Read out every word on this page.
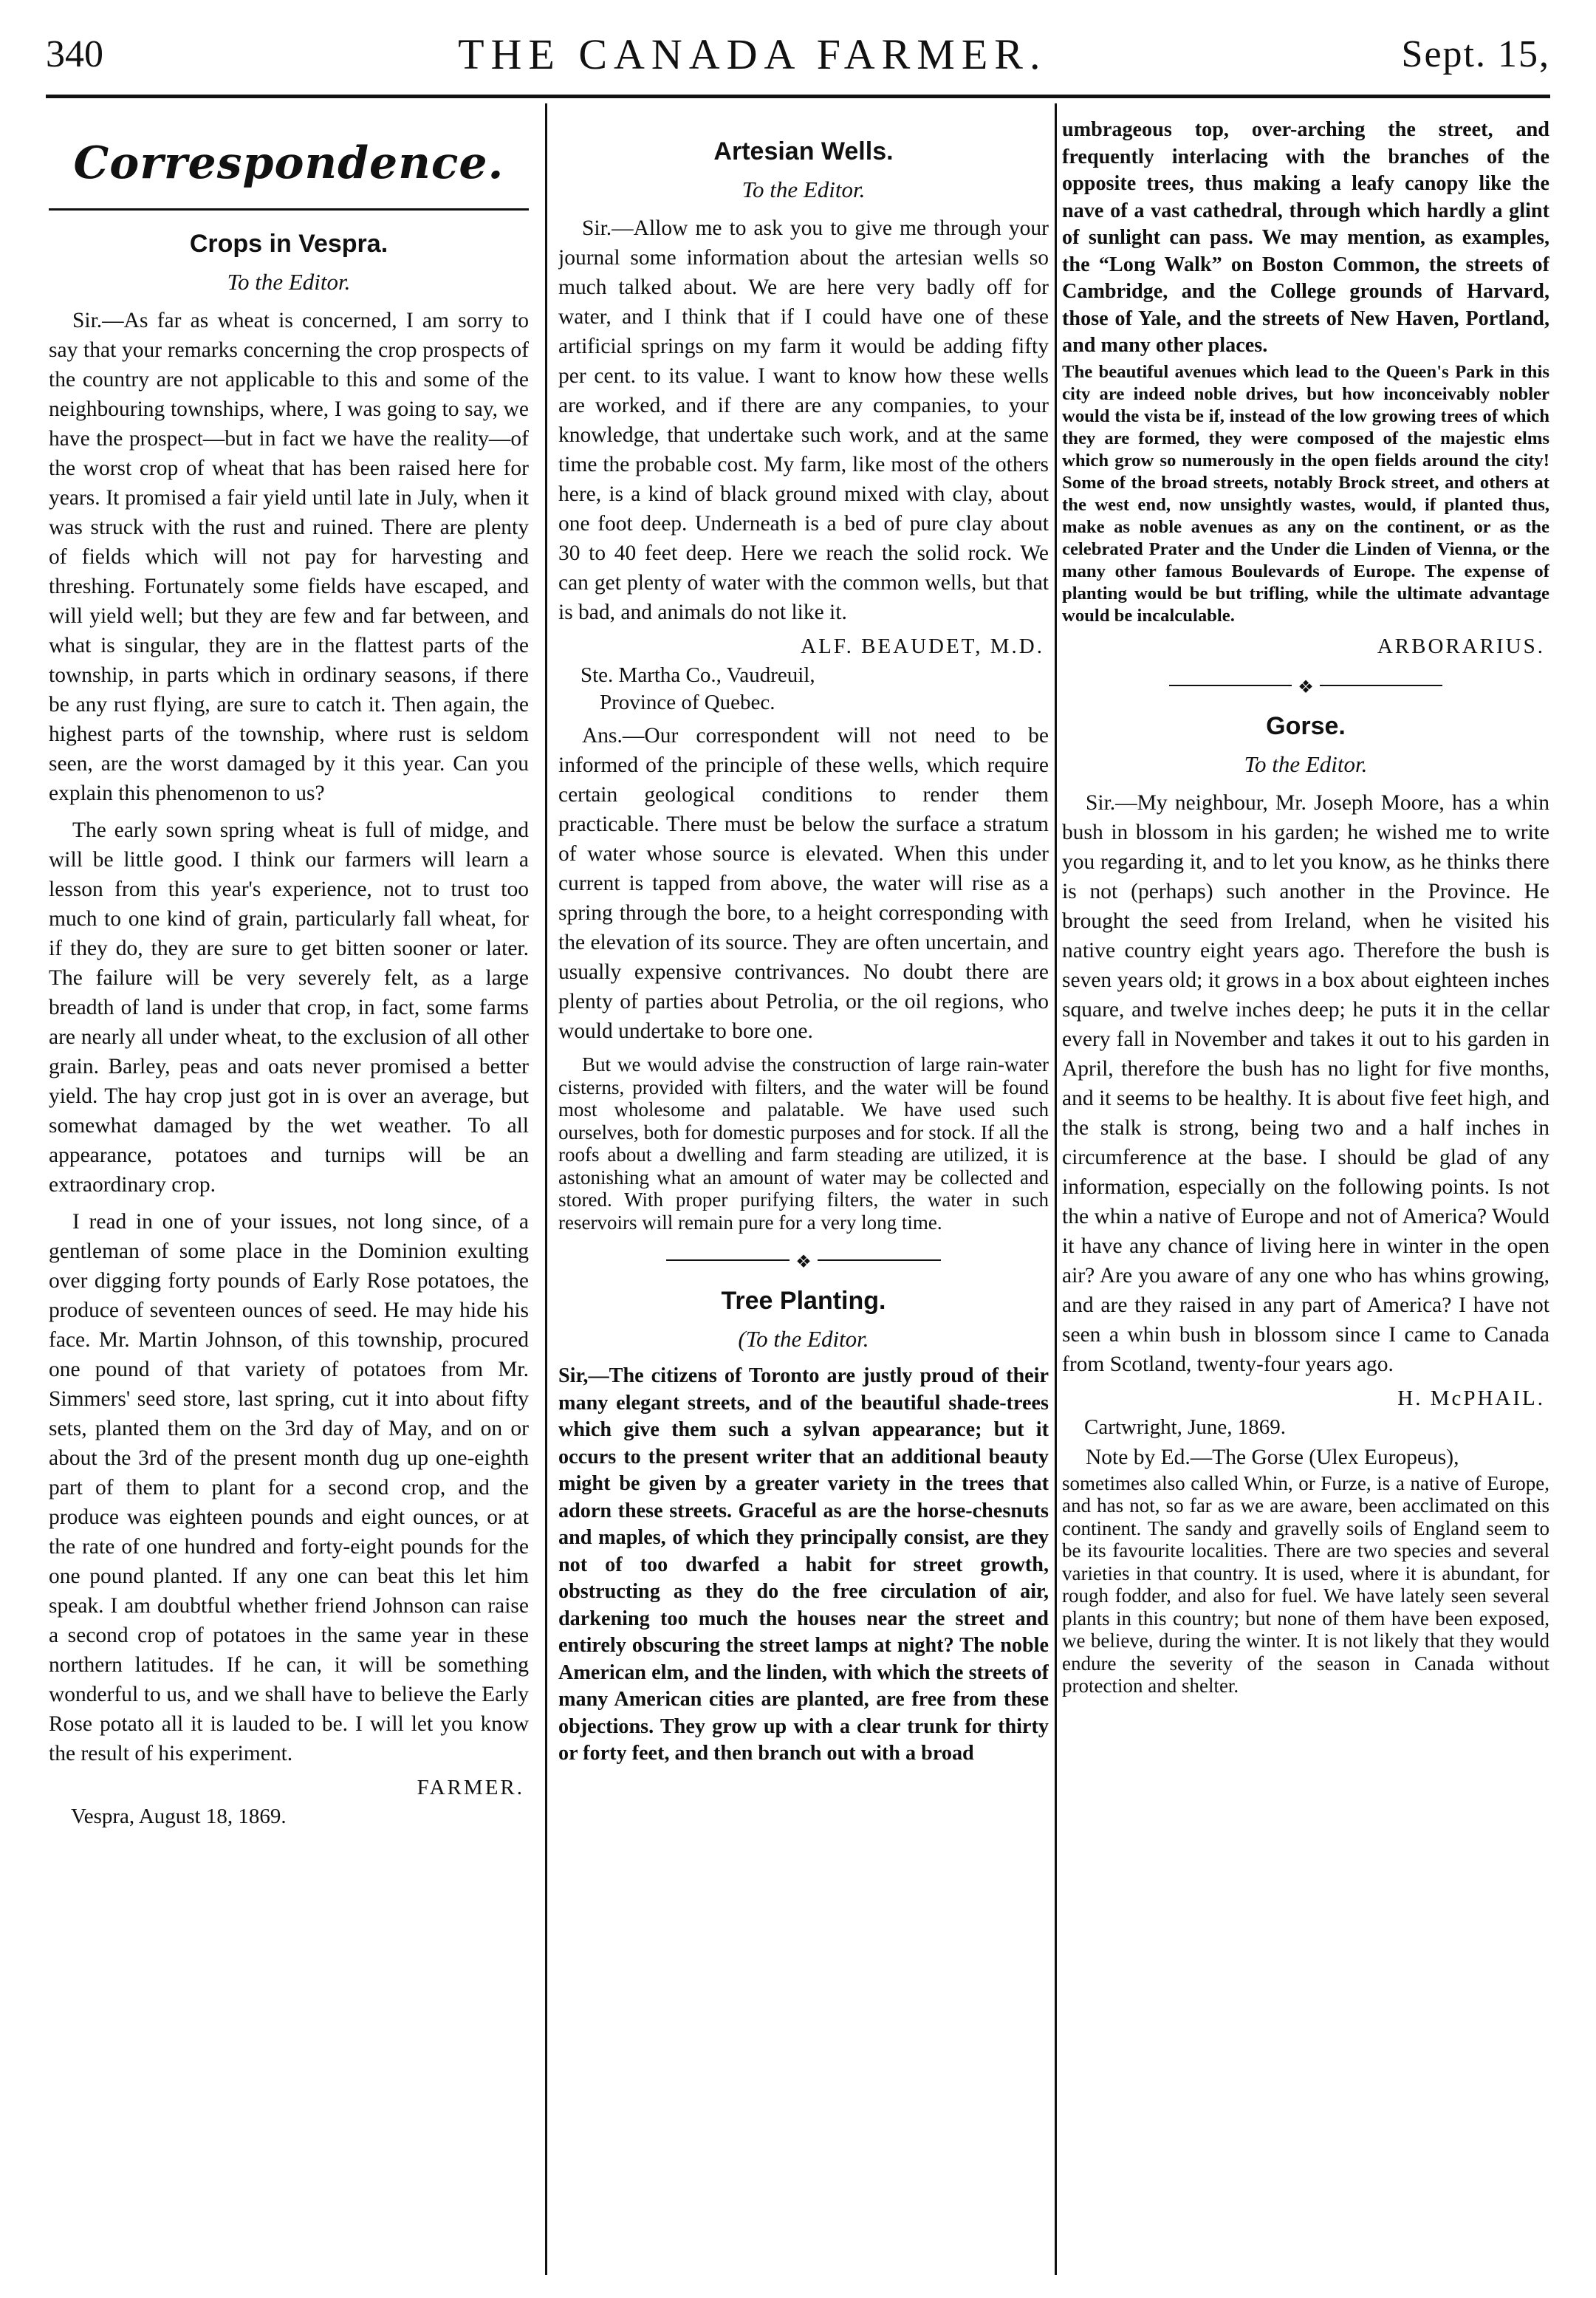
340	THE CANADA FARMER.	Sept. 15,
Correspondence.
Crops in Vespra.
To the Editor.

Sir.—As far as wheat is concerned, I am sorry to say that your remarks concerning the crop prospects of the country are not applicable to this and some of the neighbouring townships, where, I was going to say, we have the prospect—but in fact we have the reality—of the worst crop of wheat that has been raised here for years. It promised a fair yield until late in July, when it was struck with the rust and ruined. There are plenty of fields which will not pay for harvesting and threshing. Fortunately some fields have escaped, and will yield well; but they are few and far between, and what is singular, they are in the flattest parts of the township, in parts which in ordinary seasons, if there be any rust flying, are sure to catch it. Then again, the highest parts of the township, where rust is seldom seen, are the worst damaged by it this year. Can you explain this phenomenon to us?

The early sown spring wheat is full of midge, and will be little good. I think our farmers will learn a lesson from this year's experience, not to trust too much to one kind of grain, particularly fall wheat, for if they do, they are sure to get bitten sooner or later. The failure will be very severely felt, as a large breadth of land is under that crop, in fact, some farms are nearly all under wheat, to the exclusion of all other grain. Barley, peas and oats never promised a better yield. The hay crop just got in is over an average, but somewhat damaged by the wet weather. To all appearance, potatoes and turnips will be an extraordinary crop.

I read in one of your issues, not long since, of a gentleman of some place in the Dominion exulting over digging forty pounds of Early Rose potatoes, the produce of seventeen ounces of seed. He may hide his face. Mr. Martin Johnson, of this township, procured one pound of that variety of potatoes from Mr. Simmers' seed store, last spring, cut it into about fifty sets, planted them on the 3rd day of May, and on or about the 3rd of the present month dug up one-eighth part of them to plant for a second crop, and the produce was eighteen pounds and eight ounces, or at the rate of one hundred and forty-eight pounds for the one pound planted. If any one can beat this let him speak. I am doubtful whether friend Johnson can raise a second crop of potatoes in the same year in these northern latitudes. If he can, it will be something wonderful to us, and we shall have to believe the Early Rose potato all it is lauded to be. I will let you know the result of his experiment.

FARMER.
Vespra, August 18, 1869.
Artesian Wells.
To the Editor.

Sir.—Allow me to ask you to give me through your journal some information about the artesian wells so much talked about. We are here very badly off for water, and I think that if I could have one of these artificial springs on my farm it would be adding fifty per cent. to its value. I want to know how these wells are worked, and if there are any companies, to your knowledge, that undertake such work, and at the same time the probable cost. My farm, like most of the others here, is a kind of black ground mixed with clay, about one foot deep. Underneath is a bed of pure clay about 30 to 40 feet deep. Here we reach the solid rock. We can get plenty of water with the common wells, but that is bad, and animals do not like it.

ALF. BEAUDET, M.D.
Ste. Martha Co., Vaudreuil,
Province of Quebec.

Ans.—Our correspondent will not need to be informed of the principle of these wells, which require certain geological conditions to render them practicable. There must be below the surface a stratum of water whose source is elevated. When this under current is tapped from above, the water will rise as a spring through the bore, to a height corresponding with the elevation of its source. They are often uncertain, and usually expensive contrivances. No doubt there are plenty of parties about Petrolia, or the oil regions, who would undertake to bore one.

But we would advise the construction of large rain-water cisterns, provided with filters, and the water will be found most wholesome and palatable. We have used such ourselves, both for domestic purposes and for stock. If all the roofs about a dwelling and farm steading are utilized, it is astonishing what an amount of water may be collected and stored. With proper purifying filters, the water in such reservoirs will remain pure for a very long time.

❖
Tree Planting.
(To the Editor.

Sir,—The citizens of Toronto are justly proud of their many elegant streets, and of the beautiful shade-trees which give them such a sylvan appearance; but it occurs to the present writer that an additional beauty might be given by a greater variety in the trees that adorn these streets. Graceful as are the horse-chesnuts and maples, of which they principally consist, are they not of too dwarfed a habit for street growth, obstructing as they do the free circulation of air, darkening too much the houses near the street and entirely obscuring the street lamps at night? The noble American elm, and the linden, with which the streets of many American cities are planted, are free from these objections. They grow up with a clear trunk for thirty or forty feet, and then branch out with a broad

umbrageous top, over-arching the street, and frequently interlacing with the branches of the opposite trees, thus making a leafy canopy like the nave of a vast cathedral, through which hardly a glint of sunlight can pass. We may mention, as examples, the “Long Walk” on Boston Common, the streets of Cambridge, and the College grounds of Harvard, those of Yale, and the streets of New Haven, Portland, and many other places.

The beautiful avenues which lead to the Queen's Park in this city are indeed noble drives, but how inconceivably nobler would the vista be if, instead of the low growing trees of which they are formed, they were composed of the majestic elms which grow so numerously in the open fields around the city! Some of the broad streets, notably Brock street, and others at the west end, now unsightly wastes, would, if planted thus, make as noble avenues as any on the continent, or as the celebrated Prater and the Under die Linden of Vienna, or the many other famous Boulevards of Europe. The expense of planting would be but trifling, while the ultimate advantage would be incalculable.

ARBORARIUS.
❖
Gorse.
To the Editor.

Sir.—My neighbour, Mr. Joseph Moore, has a whin bush in blossom in his garden; he wished me to write you regarding it, and to let you know, as he thinks there is not (perhaps) such another in the Province. He brought the seed from Ireland, when he visited his native country eight years ago. Therefore the bush is seven years old; it grows in a box about eighteen inches square, and twelve inches deep; he puts it in the cellar every fall in November and takes it out to his garden in April, therefore the bush has no light for five months, and it seems to be healthy. It is about five feet high, and the stalk is strong, being two and a half inches in circumference at the base. I should be glad of any information, especially on the following points. Is not the whin a native of Europe and not of America? Would it have any chance of living here in winter in the open air? Are you aware of any one who has whins growing, and are they raised in any part of America? I have not seen a whin bush in blossom since I came to Canada from Scotland, twenty-four years ago.

H. McPHAIL.
Cartwright, June, 1869.

Note by Ed.—The Gorse (Ulex Europeus),

sometimes also called Whin, or Furze, is a native of Europe, and has not, so far as we are aware, been acclimated on this continent. The sandy and gravelly soils of England seem to be its favourite localities. There are two species and several varieties in that country. It is used, where it is abundant, for rough fodder, and also for fuel. We have lately seen several plants in this country; but none of them have been exposed, we believe, during the winter. It is not likely that they would endure the severity of the season in Canada without protection and shelter.
